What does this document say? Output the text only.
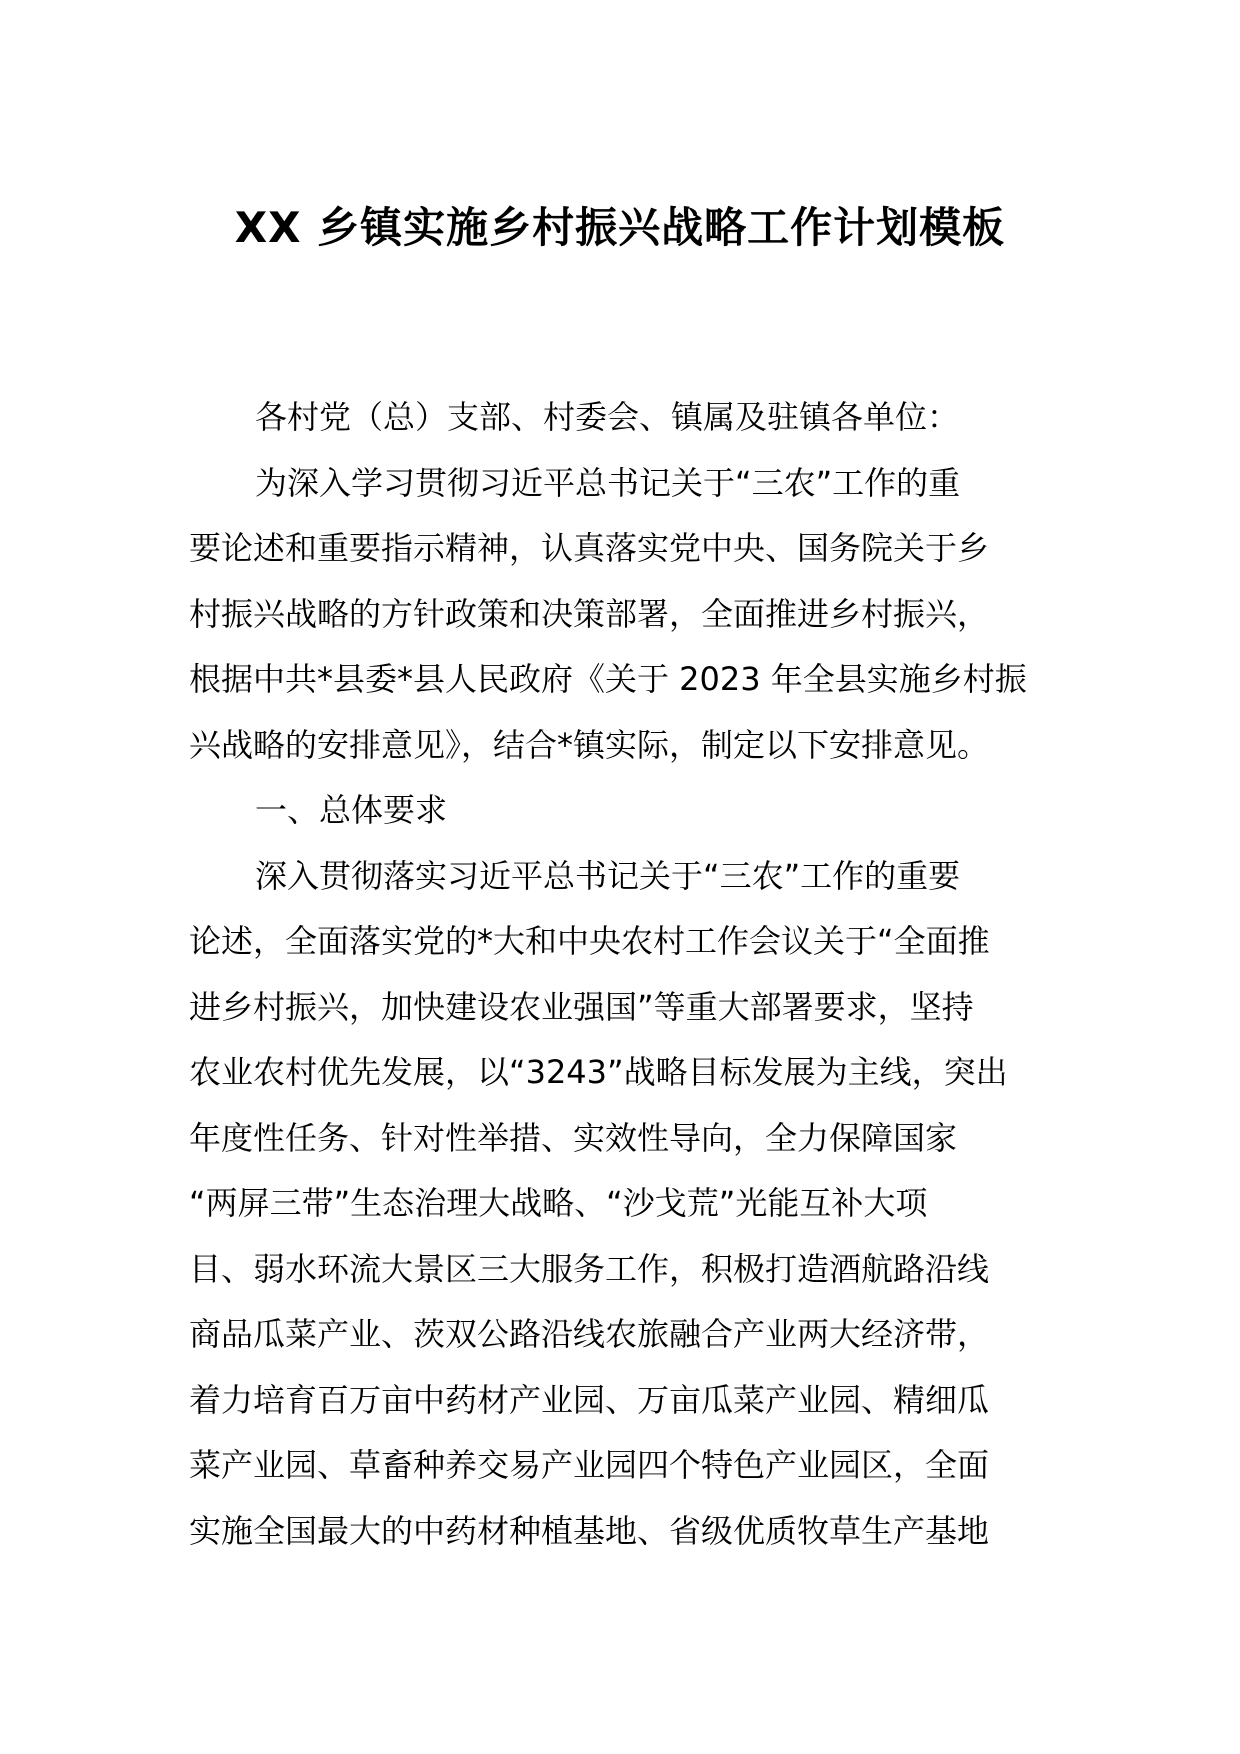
XX 乡镇实施乡村振兴战略工作计划模板
各村党（总）支部、村委会、镇属及驻镇各单位：
为深入学习贯彻习近平总书记关于“三农”工作的重
要论述和重要指示精神，认真落实党中央、国务院关于乡
村振兴战略的方针政策和决策部署，全面推进乡村振兴，
根据中共*县委*县人民政府《关于 2023 年全县实施乡村振
兴战略的安排意见》，结合*镇实际，制定以下安排意见。
一、总体要求
深入贯彻落实习近平总书记关于“三农”工作的重要
论述，全面落实党的*大和中央农村工作会议关于“全面推
进乡村振兴，加快建设农业强国”等重大部署要求，坚持
农业农村优先发展，以“3243”战略目标发展为主线，突出
年度性任务、针对性举措、实效性导向，全力保障国家
“两屏三带”生态治理大战略、“沙戈荒”光能互补大项
目、弱水环流大景区三大服务工作，积极打造酒航路沿线
商品瓜菜产业、茨双公路沿线农旅融合产业两大经济带，
着力培育百万亩中药材产业园、万亩瓜菜产业园、精细瓜
菜产业园、草畜种养交易产业园四个特色产业园区，全面
实施全国最大的中药材种植基地、省级优质牧草生产基地
